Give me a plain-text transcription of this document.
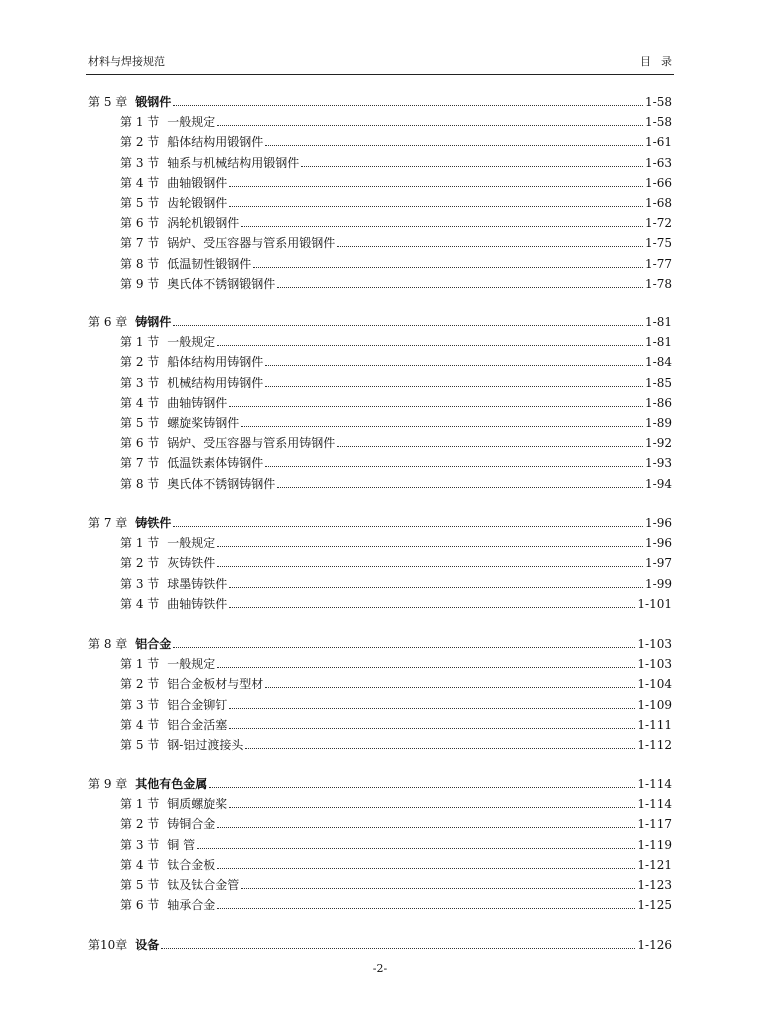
材料与焊接规范	目录
第 5 章 锻钢件	1-58
第 1 节 一般规定	1-58
第 2 节 船体结构用锻钢件	1-61
第 3 节 轴系与机械结构用锻钢件	1-63
第 4 节 曲轴锻钢件	1-66
第 5 节 齿轮锻钢件	1-68
第 6 节 涡轮机锻钢件	1-72
第 7 节 锅炉、受压容器与管系用锻钢件	1-75
第 8 节 低温韧性锻钢件	1-77
第 9 节 奥氏体不锈钢锻钢件	1-78
第 6 章 铸钢件	1-81
第 1 节 一般规定	1-81
第 2 节 船体结构用铸钢件	1-84
第 3 节 机械结构用铸钢件	1-85
第 4 节 曲轴铸钢件	1-86
第 5 节 螺旋桨铸钢件	1-89
第 6 节 锅炉、受压容器与管系用铸钢件	1-92
第 7 节 低温铁素体铸钢件	1-93
第 8 节 奥氏体不锈钢铸钢件	1-94
第 7 章 铸铁件	1-96
第 1 节 一般规定	1-96
第 2 节 灰铸铁件	1-97
第 3 节 球墨铸铁件	1-99
第 4 节 曲轴铸铁件	1-101
第 8 章 铝合金	1-103
第 1 节 一般规定	1-103
第 2 节 铝合金板材与型材	1-104
第 3 节 铝合金铆钉	1-109
第 4 节 铝合金活塞	1-111
第 5 节 钢-铝过渡接头	1-112
第 9 章 其他有色金属	1-114
第 1 节 铜质螺旋桨	1-114
第 2 节 铸铜合金	1-117
第 3 节 铜 管	1-119
第 4 节 钛合金板	1-121
第 5 节 钛及钛合金管	1-123
第 6 节 轴承合金	1-125
第10章 设备	1-126
-2-
